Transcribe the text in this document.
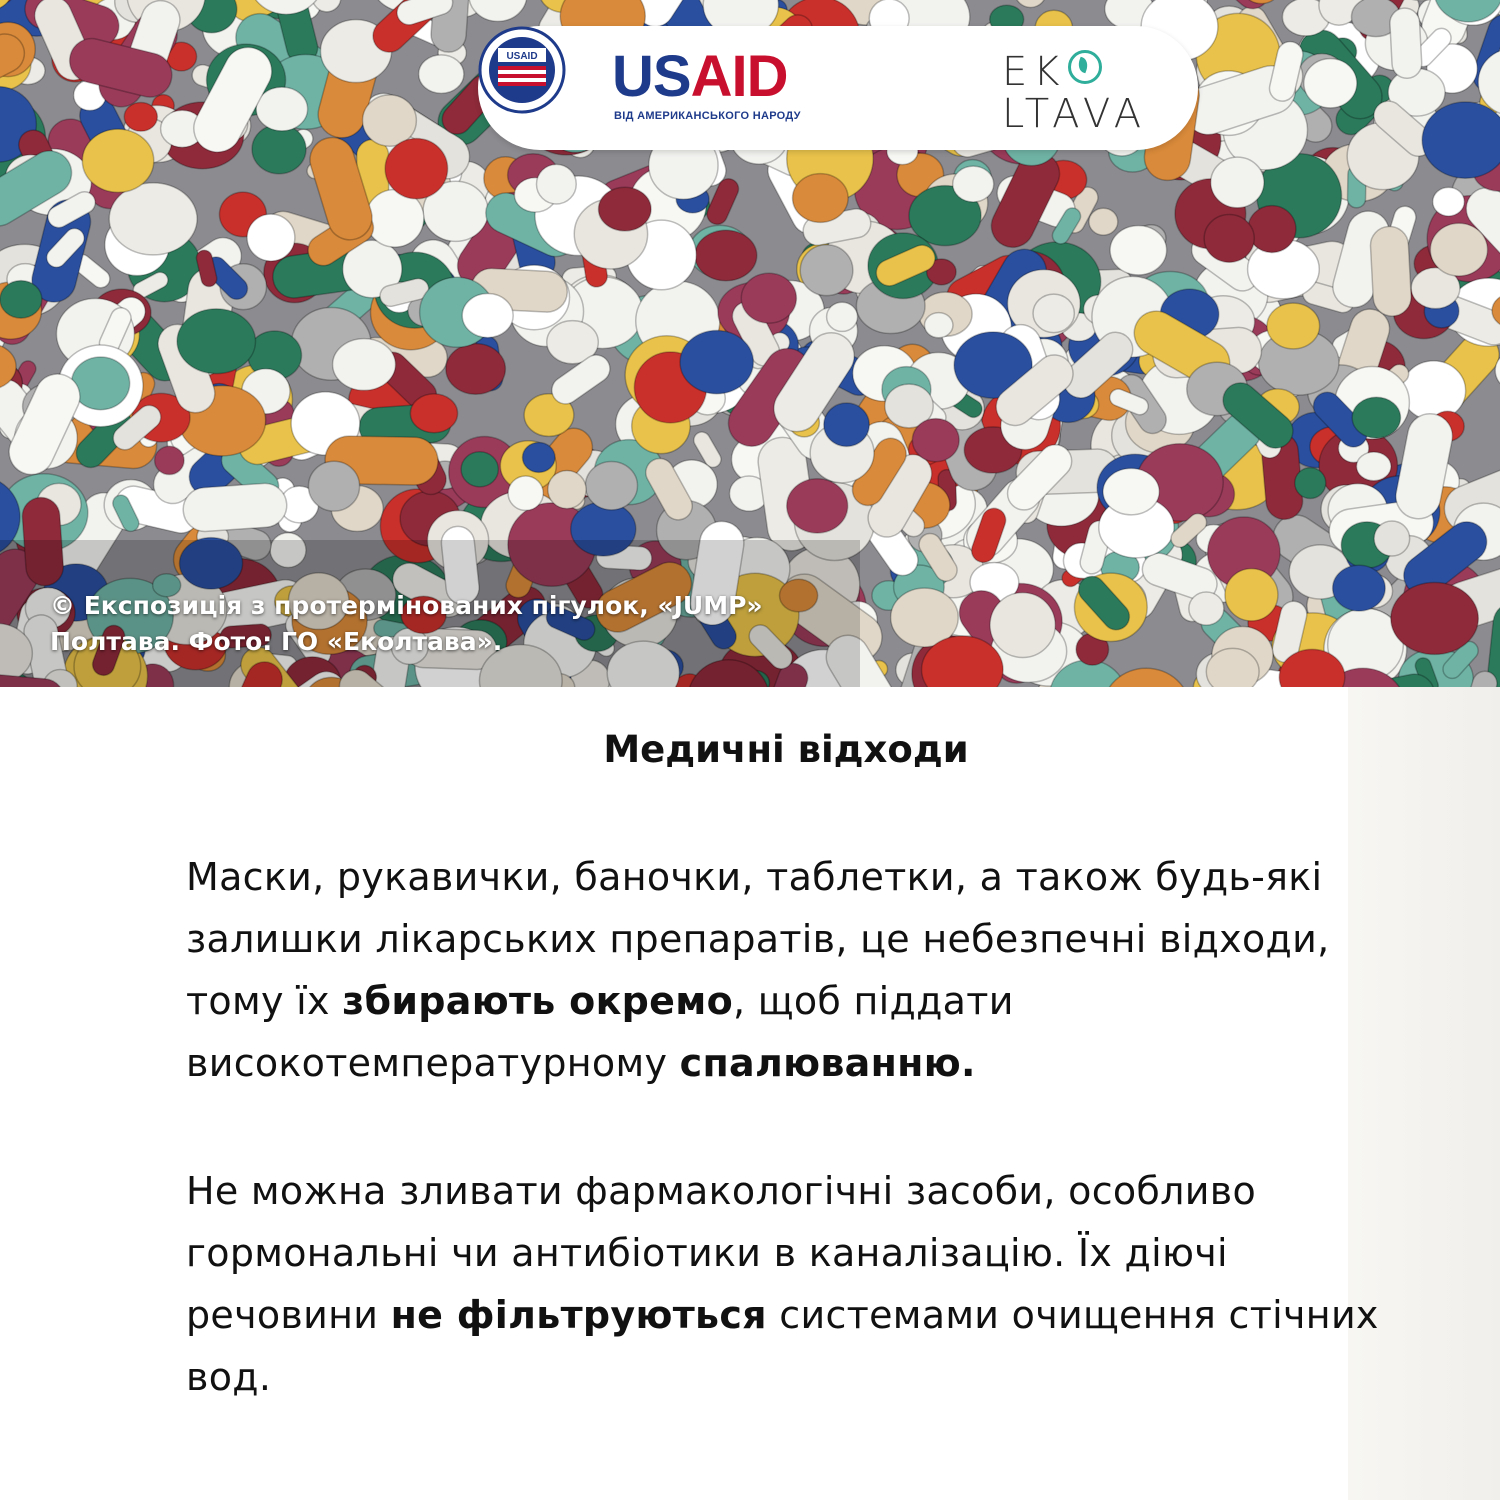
USAID USAID
ВІД АМЕРИКАНСЬКОГО НАРОДУ
EK
LTAVA
© Експозиція з протермінованих пігулок, «JUMP»
Полтава. Фото: ГО «Еколтава».
Медичні відходи
Маски, рукавички, баночки, таблетки, а також будь-які залишки лікарських препаратів, це небезпечні відходи, тому їх збирають окремо, щоб піддати високотемпературному спалюванню.
Не можна зливати фармакологічні засоби, особливо гормональні чи антибіотики в каналізацію. Їх діючі речовини не фільтруються системами очищення стічних вод.
